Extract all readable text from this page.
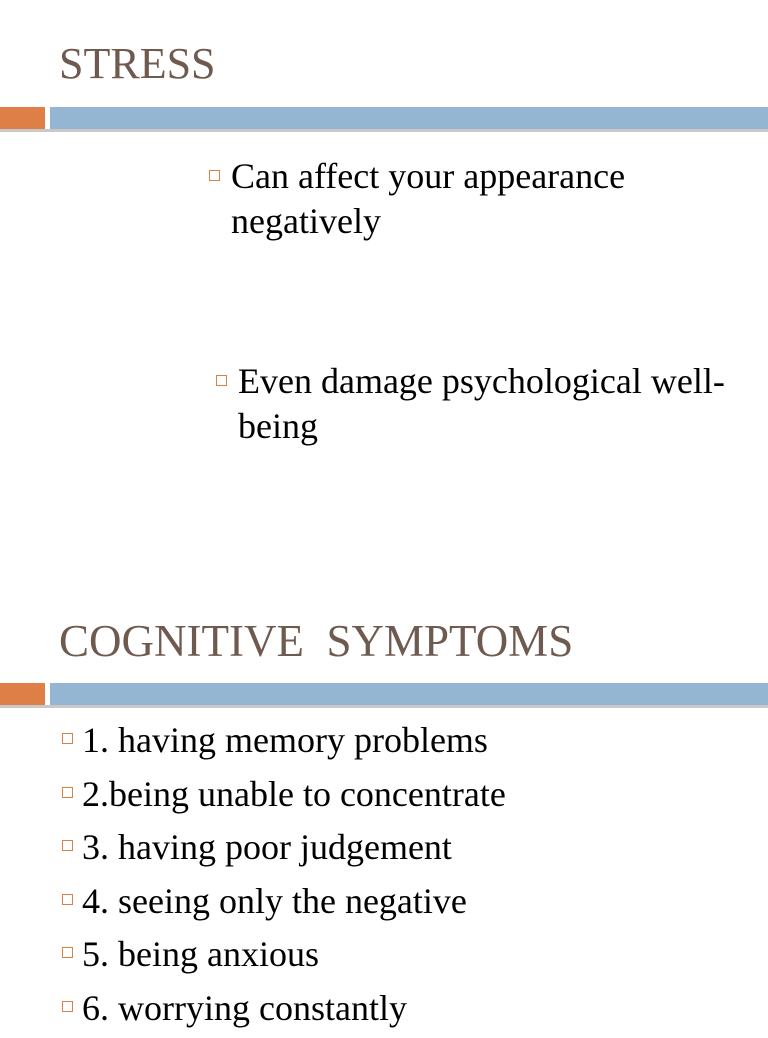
STRESS
Can affect your appearance negatively
Even damage psychological well-being
COGNITIVE  SYMPTOMS
1. having memory problems
2.being unable to concentrate
3. having poor judgement
4. seeing only the negative
5. being anxious
6. worrying constantly
